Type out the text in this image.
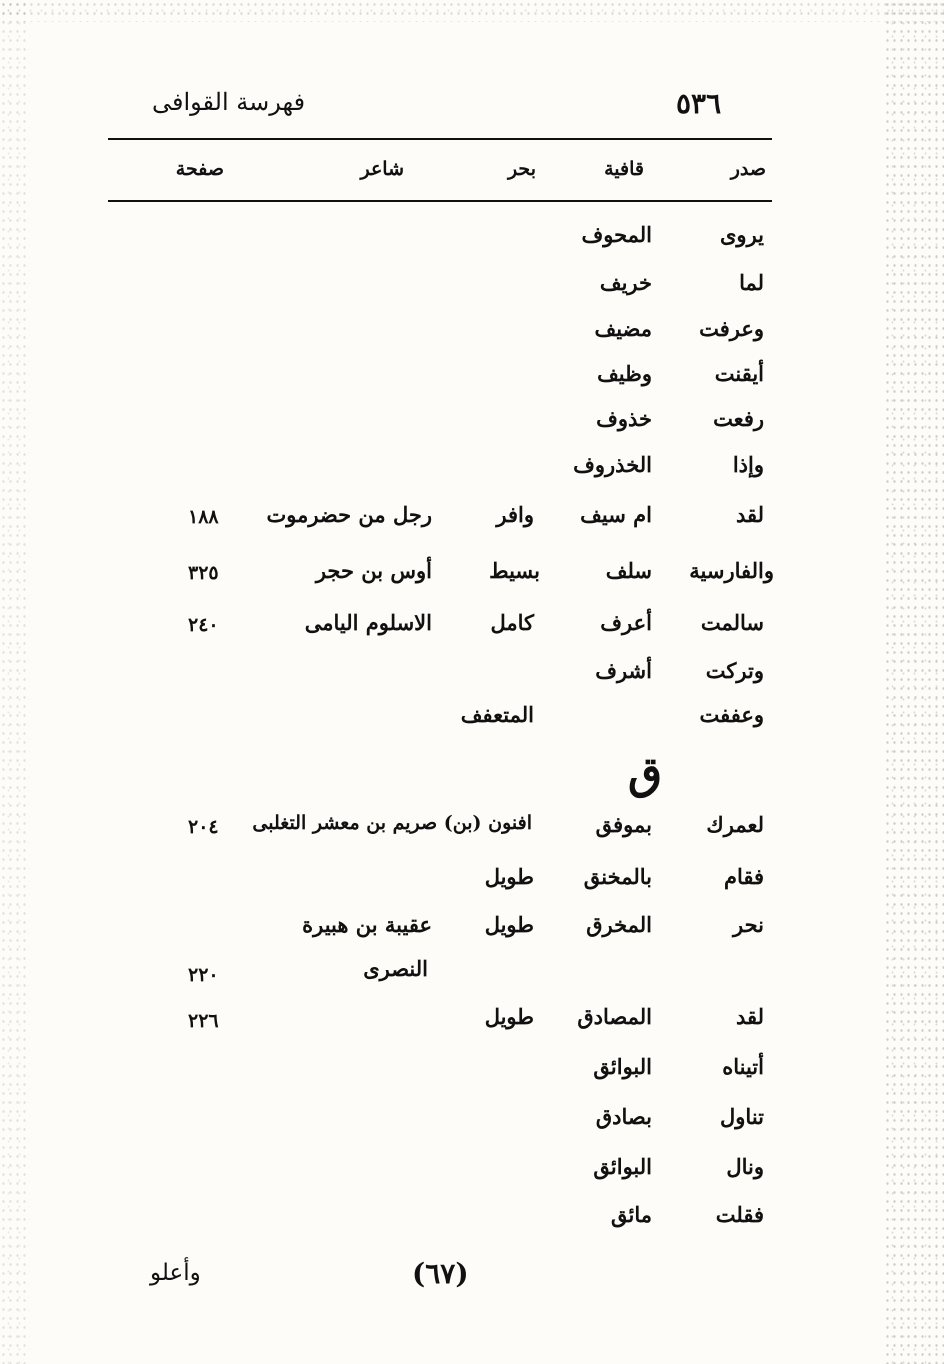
فهرسة القوافى	٥٣٦
صدر
قافية
بحر
شاعر
صفحة
يروى
المحوف
لما
خريف
وعرفت
مضيف
أيقنت
وظيف
رفعت
خذوف
وإذا
الخذروف
لقد
ام سيف
وافر
رجل من حضرموت
١٨٨
والفارسية
سلف
بسيط
أوس بن حجر
٣٢٥
سالمت
أعرف
كامل
الاسلوم اليامى
٢٤٠
وتركت
أشرف
وعففت
المتعفف
ق
لعمرك
بموفق
افنون (بن) صريم بن معشر التغلبى
٢٠٤
فقام
بالمخنق
طويل
نحر
المخرق
طويل
عقيبة بن هبيرة
النصرى
٢٢٠
لقد
المصادق
طويل
٢٢٦
أتيناه
البوائق
تناول
بصادق
ونال
البوائق
فقلت
مائق
وأعلو	(٦٧)
